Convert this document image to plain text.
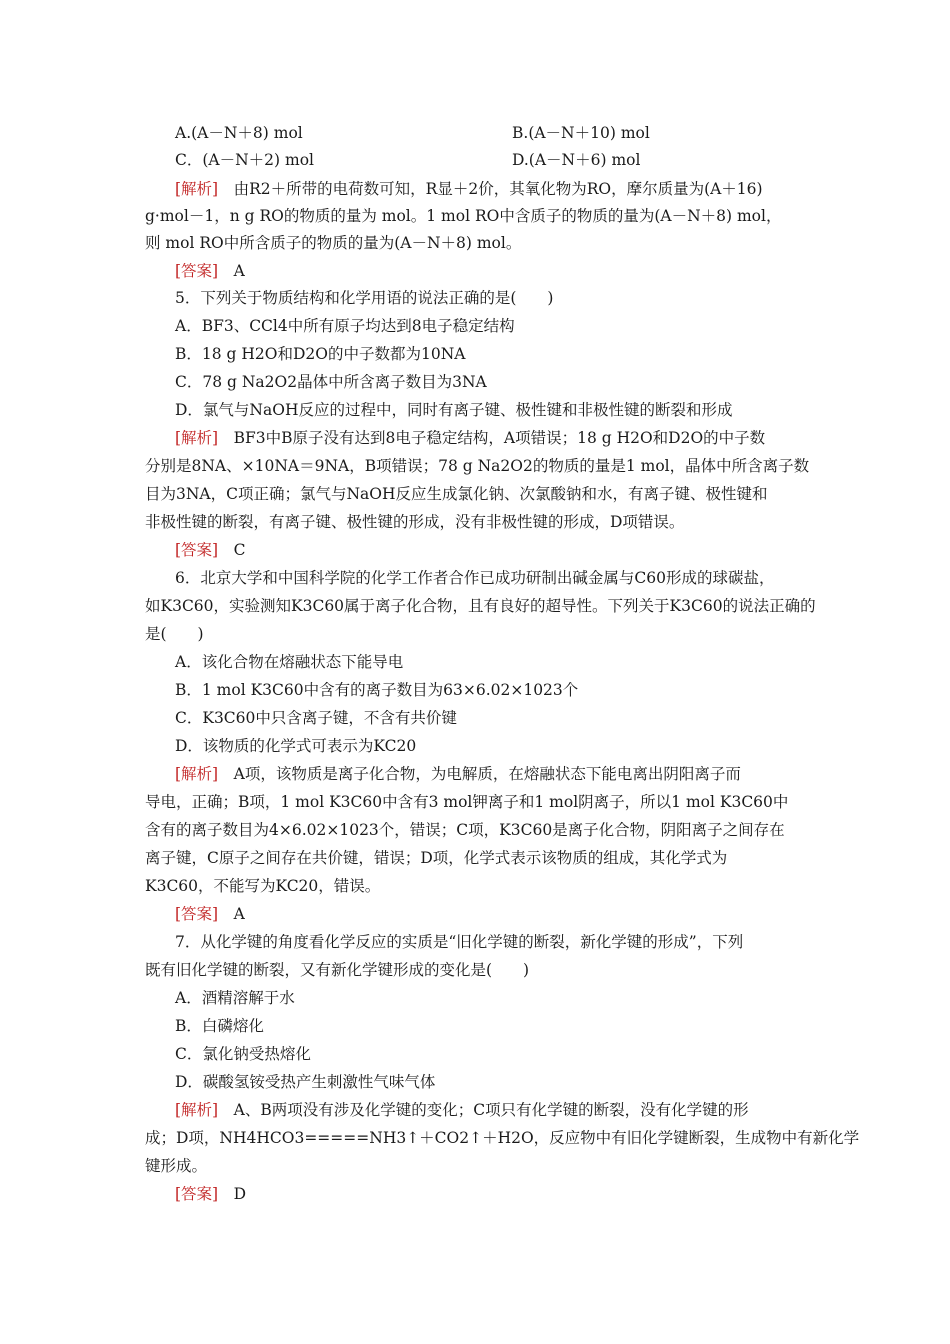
A.(A－N＋8) mol	B.(A－N＋10) mol
C．(A－N＋2) mol	D.(A－N＋6) mol
[解析]　 由R2＋所带的电荷数可知，R显＋2价，其氧化物为RO，摩尔质量为(A＋16)
g·mol－1，n g RO的物质的量为 mol。1 mol RO中含质子的物质的量为(A－N＋8) mol，
则 mol RO中所含质子的物质的量为(A－N＋8) mol。
[答案]　 A
5．下列关于物质结构和化学用语的说法正确的是(　　)
A．BF3、CCl4中所有原子均达到8电子稳定结构
B．18 g H2O和D2O的中子数都为10NA
C．78 g Na2O2晶体中所含离子数目为3NA
D．氯气与NaOH反应的过程中，同时有离子键、极性键和非极性键的断裂和形成
[解析]　 BF3中B原子没有达到8电子稳定结构，A项错误；18 g H2O和D2O的中子数
分别是8NA、×10NA＝9NA，B项错误；78 g Na2O2的物质的量是1 mol，晶体中所含离子数
目为3NA，C项正确；氯气与NaOH反应生成氯化钠、次氯酸钠和水，有离子键、极性键和
非极性键的断裂，有离子键、极性键的形成，没有非极性键的形成，D项错误。
[答案]　 C
6．北京大学和中国科学院的化学工作者合作已成功研制出碱金属与C60形成的球碳盐，
如K3C60，实验测知K3C60属于离子化合物，且有良好的超导性。下列关于K3C60的说法正确的
是(　　)
A．该化合物在熔融状态下能导电
B．1 mol K3C60中含有的离子数目为63×6.02×1023个
C．K3C60中只含离子键，不含有共价键
D．该物质的化学式可表示为KC20
[解析]　 A项，该物质是离子化合物，为电解质，在熔融状态下能电离出阴阳离子而
导电，正确；B项，1 mol K3C60中含有3 mol钾离子和1 mol阴离子，所以1 mol K3C60中
含有的离子数目为4×6.02×1023个，错误；C项，K3C60是离子化合物，阴阳离子之间存在
离子键，C原子之间存在共价键，错误；D项，化学式表示该物质的组成，其化学式为
K3C60，不能写为KC20，错误。
[答案]　 A
7．从化学键的角度看化学反应的实质是“旧化学键的断裂，新化学键的形成”，下列
既有旧化学键的断裂，又有新化学键形成的变化是(　　)
A．酒精溶解于水
B．白磷熔化
C．氯化钠受热熔化
D．碳酸氢铵受热产生刺激性气味气体
[解析]　 A、B两项没有涉及化学键的变化；C项只有化学键的断裂，没有化学键的形
成；D项，NH4HCO3=====NH3↑＋CO2↑＋H2O，反应物中有旧化学键断裂，生成物中有新化学
键形成。
[答案]　 D
